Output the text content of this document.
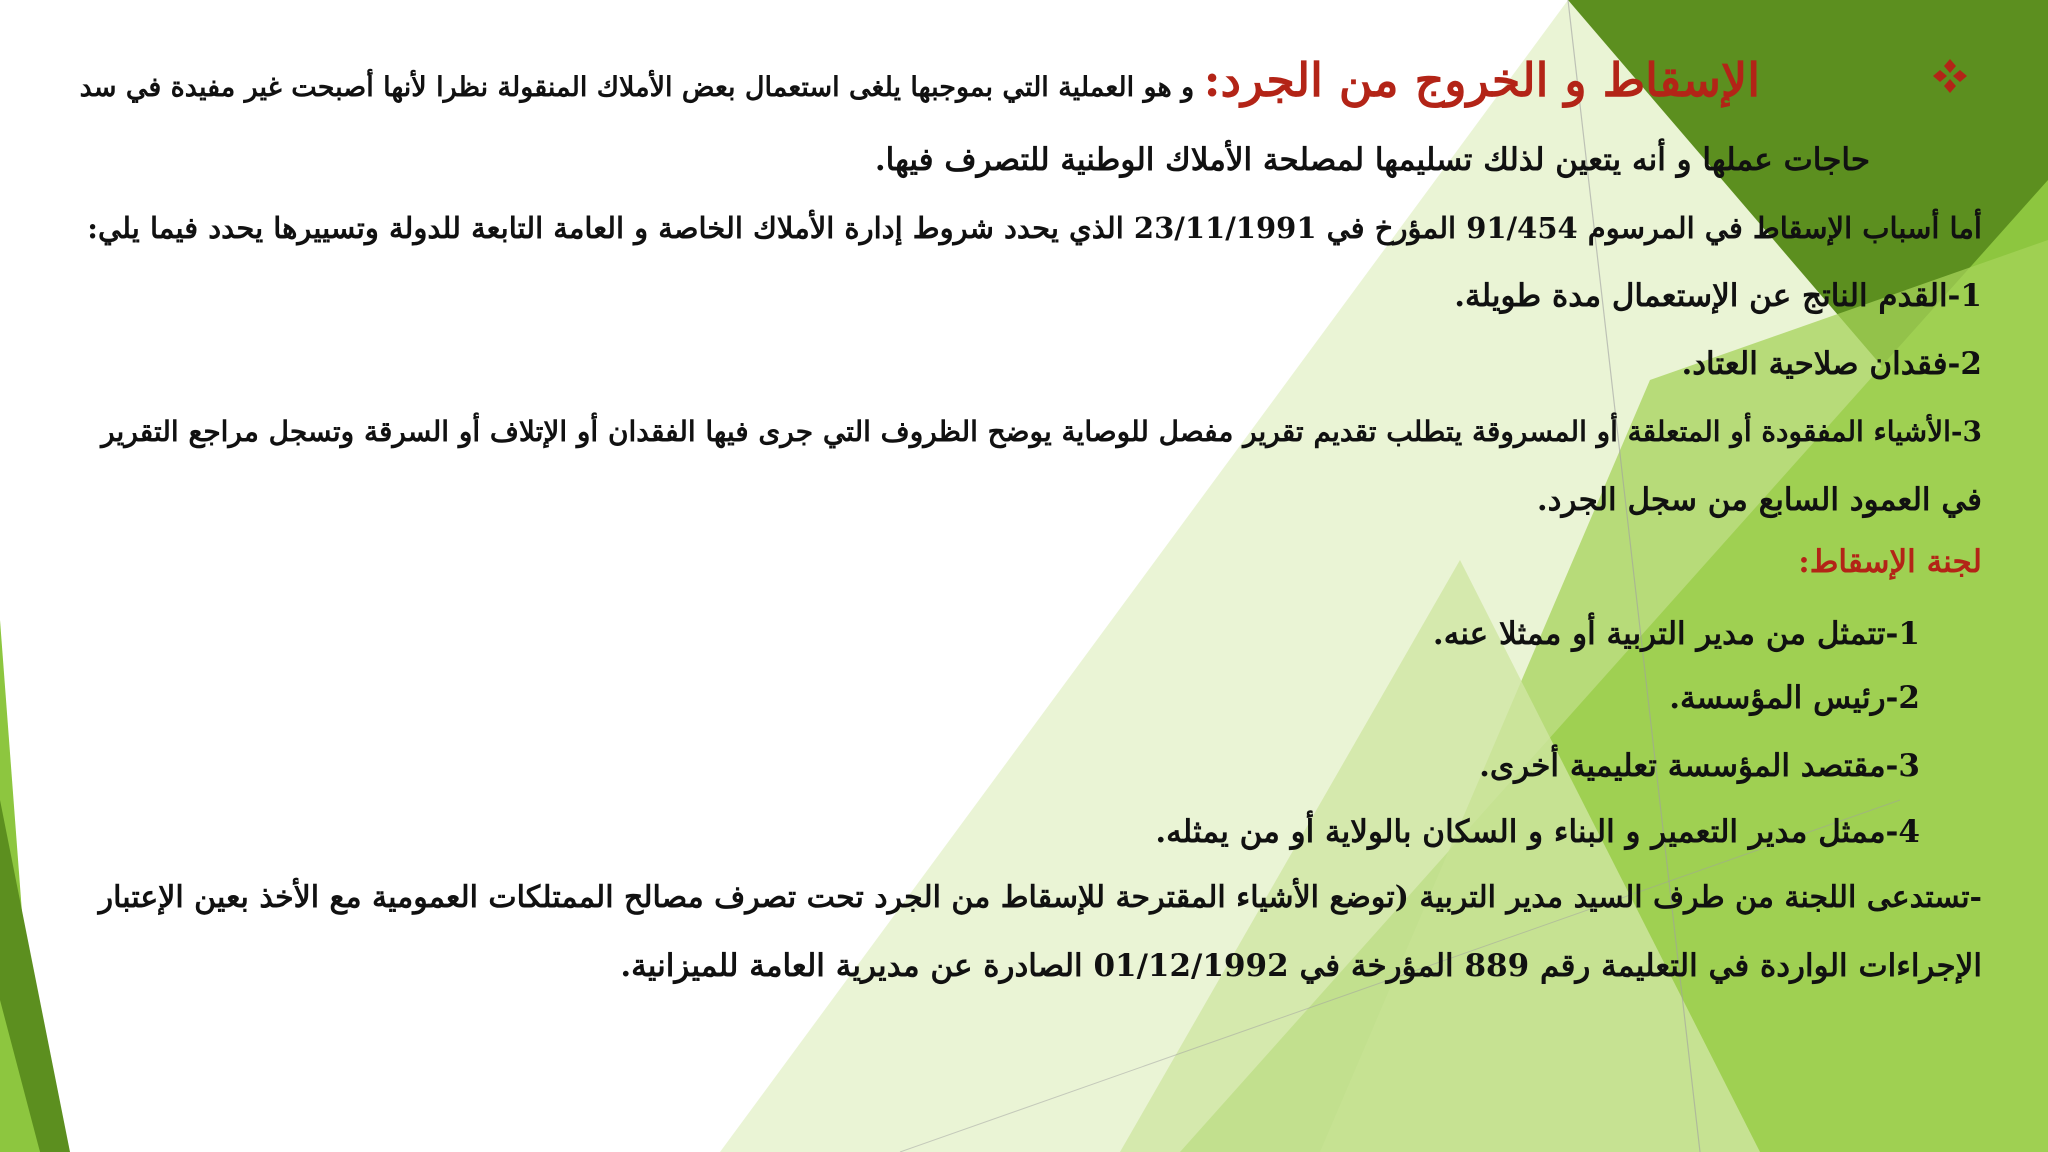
الإسقاط و الخروج من الجرد: و هو العملية التي بموجبها يلغى استعمال بعض الأملاك المنقولة نظرا لأنها أصبحت غير مفيدة في سد

حاجات عملها و أنه يتعين لذلك تسليمها لمصلحة الأملاك الوطنية للتصرف فيها.

أما أسباب الإسقاط في المرسوم 91/454 المؤرخ في 23/11/1991 الذي يحدد شروط إدارة الأملاك الخاصة و العامة التابعة للدولة وتسييرها يحدد فيما يلي:

1-القدم الناتج عن الإستعمال مدة طويلة.

2-فقدان صلاحية العتاد.

3-الأشياء المفقودة أو المتعلقة أو المسروقة يتطلب تقديم تقرير مفصل للوصاية يوضح الظروف التي جرى فيها الفقدان أو الإتلاف أو السرقة وتسجل مراجع التقرير

في العمود السابع من سجل الجرد.

لجنة الإسقاط:

1-تتمثل من مدير التربية أو ممثلا عنه.

2-رئيس المؤسسة.

3-مقتصد المؤسسة تعليمية أخرى.

4-ممثل مدير التعمير و البناء و السكان بالولاية أو من يمثله.

-تستدعى اللجنة من طرف السيد مدير التربية (توضع الأشياء المقترحة للإسقاط من الجرد تحت تصرف مصالح الممتلكات العمومية مع الأخذ بعين الإعتبار

الإجراءات الواردة في التعليمة رقم 889 المؤرخة في 01/12/1992 الصادرة عن مديرية العامة للميزانية.
